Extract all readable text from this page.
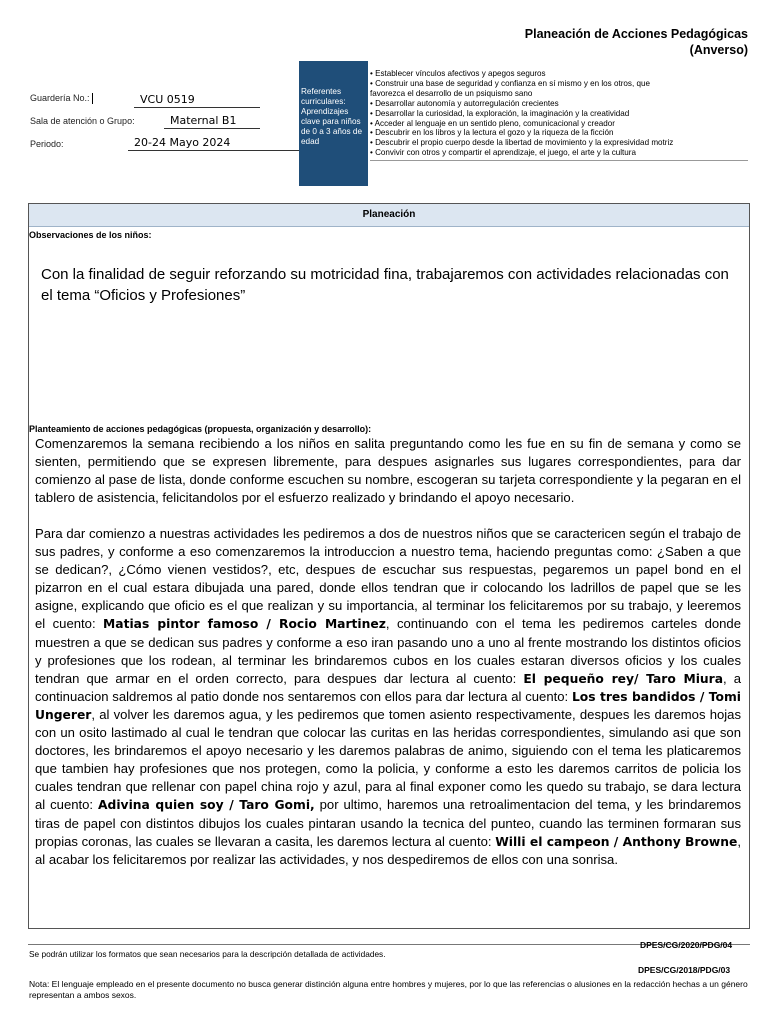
Planeación de Acciones Pedagógicas
(Anverso)
Guardería No.:	VCU 0519
Sala de atención o Grupo:	Maternal B1
Periodo:	20-24 Mayo 2024
Referentes curriculares: Aprendizajes clave para niños de 0 a 3 años de edad
• Establecer vínculos afectivos y apegos seguros
• Construir una base de seguridad y confianza en sí mismo y en los otros, que
favorezca el desarrollo de un psiquismo sano
• Desarrollar autonomía y autorregulación crecientes
• Desarrollar la curiosidad, la exploración, la imaginación y la creatividad
• Acceder al lenguaje en un sentido pleno, comunicacional y creador
• Descubrir en los libros y la lectura el gozo y la riqueza de la ficción
• Descubrir el propio cuerpo desde la libertad de movimiento y la expresividad motriz
• Convivir con otros y compartir el aprendizaje, el juego, el arte y la cultura
Planeación
Observaciones de los niños:
Con la finalidad de seguir reforzando su motricidad fina, trabajaremos con actividades relacionadas con el tema “Oficios y Profesiones”
Planteamiento de acciones pedagógicas (propuesta, organización y desarrollo):
Comenzaremos la semana recibiendo a los niños en salita preguntando como les fue en su fin de semana y como se sienten, permitiendo que se expresen libremente, para despues asignarles sus lugares correspondientes, para dar comienzo al pase de lista, donde conforme escuchen su nombre, escogeran su tarjeta correspondiente y la pegaran en el tablero de asistencia, felicitandolos por el esfuerzo realizado y brindando el apoyo necesario.
Para dar comienzo a nuestras actividades les pediremos a dos de nuestros niños que se caractericen según el trabajo de sus padres, y conforme a eso comenzaremos la introduccion a nuestro tema, haciendo preguntas como: ¿Saben a que se dedican?, ¿Cómo vienen vestidos?, etc, despues de escuchar sus respuestas, pegaremos un papel bond en el pizarron en el cual estara dibujada una pared, donde ellos tendran que ir colocando los ladrillos de papel que se les asigne, explicando que oficio es el que realizan y su importancia, al terminar los felicitaremos por su trabajo, y leeremos el cuento: Matias pintor famoso / Rocio Martinez, continuando con el tema les pediremos carteles donde muestren a que se dedican sus padres y conforme a eso iran pasando uno a uno al frente mostrando los distintos oficios y profesiones que los rodean, al terminar les brindaremos cubos en los cuales estaran diversos oficios y los cuales tendran que armar en el orden correcto, para despues dar lectura al cuento: El pequeño rey/ Taro Miura, a continuacion saldremos al patio donde nos sentaremos con ellos para dar lectura al cuento: Los tres bandidos / Tomi Ungerer, al volver les daremos agua, y les pediremos que tomen asiento respectivamente, despues les daremos hojas con un osito lastimado al cual le tendran que colocar las curitas en las heridas correspondientes, simulando asi que son doctores, les brindaremos el apoyo necesario y les daremos palabras de animo, siguiendo con el tema les platicaremos que tambien hay profesiones que nos protegen, como la policia, y conforme a esto les daremos carritos de policia los cuales tendran que rellenar con papel china rojo y azul, para al final exponer como les quedo su trabajo, se dara lectura al cuento: Adivina quien soy / Taro Gomi, por ultimo, haremos una retroalimentacion del tema, y les brindaremos tiras de papel con distintos dibujos los cuales pintaran usando la tecnica del punteo, cuando las terminen formaran sus propias coronas, las cuales se llevaran a casita, les daremos lectura al cuento: Willi el campeon / Anthony Browne, al acabar los felicitaremos por realizar las actividades, y nos despediremos de ellos con una sonrisa.
DPES/CG/2020/PDG/04
Se podrán utilizar los formatos que sean necesarios para la descripción detallada de actividades.
DPES/CG/2018/PDG/03
Nota: El lenguaje empleado en el presente documento no busca generar distinción alguna entre hombres y mujeres, por lo que las referencias o alusiones en la redacción hechas a un género representan a ambos sexos.
